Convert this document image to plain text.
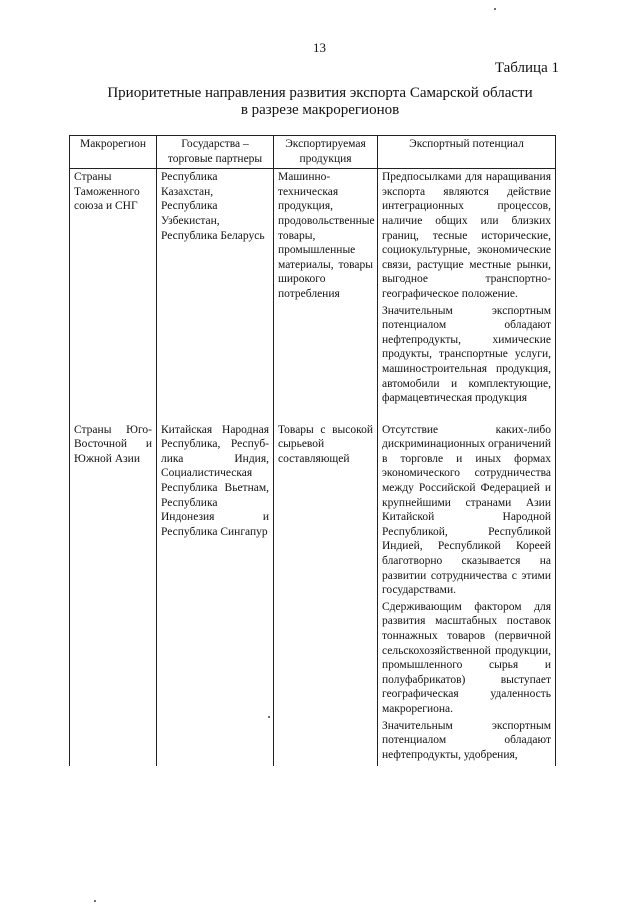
13
Таблица 1
Приоритетные направления развития экспорта Самарской области
в разрезе макрорегионов
Макрорегион	Государства – торговые партнеры	Экспортируемая продукция	Экспортный потенциал
Страны Таможенного союза и СНГ	Республика Казахстан, Республика Узбекистан, Республика Беларусь	Машинно-техническая продукция, продовольственные товары, промышленные материалы, товары широкого потребления	Предпосылками для наращивания экспорта являются действие интеграционных процессов, наличие общих или близких границ, тесные исторические, социокультурные, экономические связи, растущие местные рынки, выгодное транспортно-географическое положение.

Значительным экспортным потенциалом обладают нефтепродукты, химические продукты, транспортные услуги, машиностроительная продукция, автомобили и комплектующие, фармацевтическая продукция

Страны Юго-Восточной и Южной Азии	Китайская Народная Республика, Респуб-лика Индия, Социалистическая Республика Вьетнам, Республика Индонезия и Республика Сингапур	Товары с высокой сырьевой составляющей	Отсутствие каких-либо дискриминационных ограничений в торговле и иных формах экономического сотрудничества между Российской Федерацией и крупнейшими странами Азии Китайской Народной Республикой, Республикой Индией, Республикой Кореей благотворно сказывается на развитии сотрудничества с этими государствами.

Сдерживающим фактором для развития масштабных поставок тоннажных товаров (первичной сельскохозяйственной продукции, промышленного сырья и полуфабрикатов) выступает географическая удаленность макрорегиона.

Значительным экспортным потенциалом обладают нефтепродукты, удобрения,
